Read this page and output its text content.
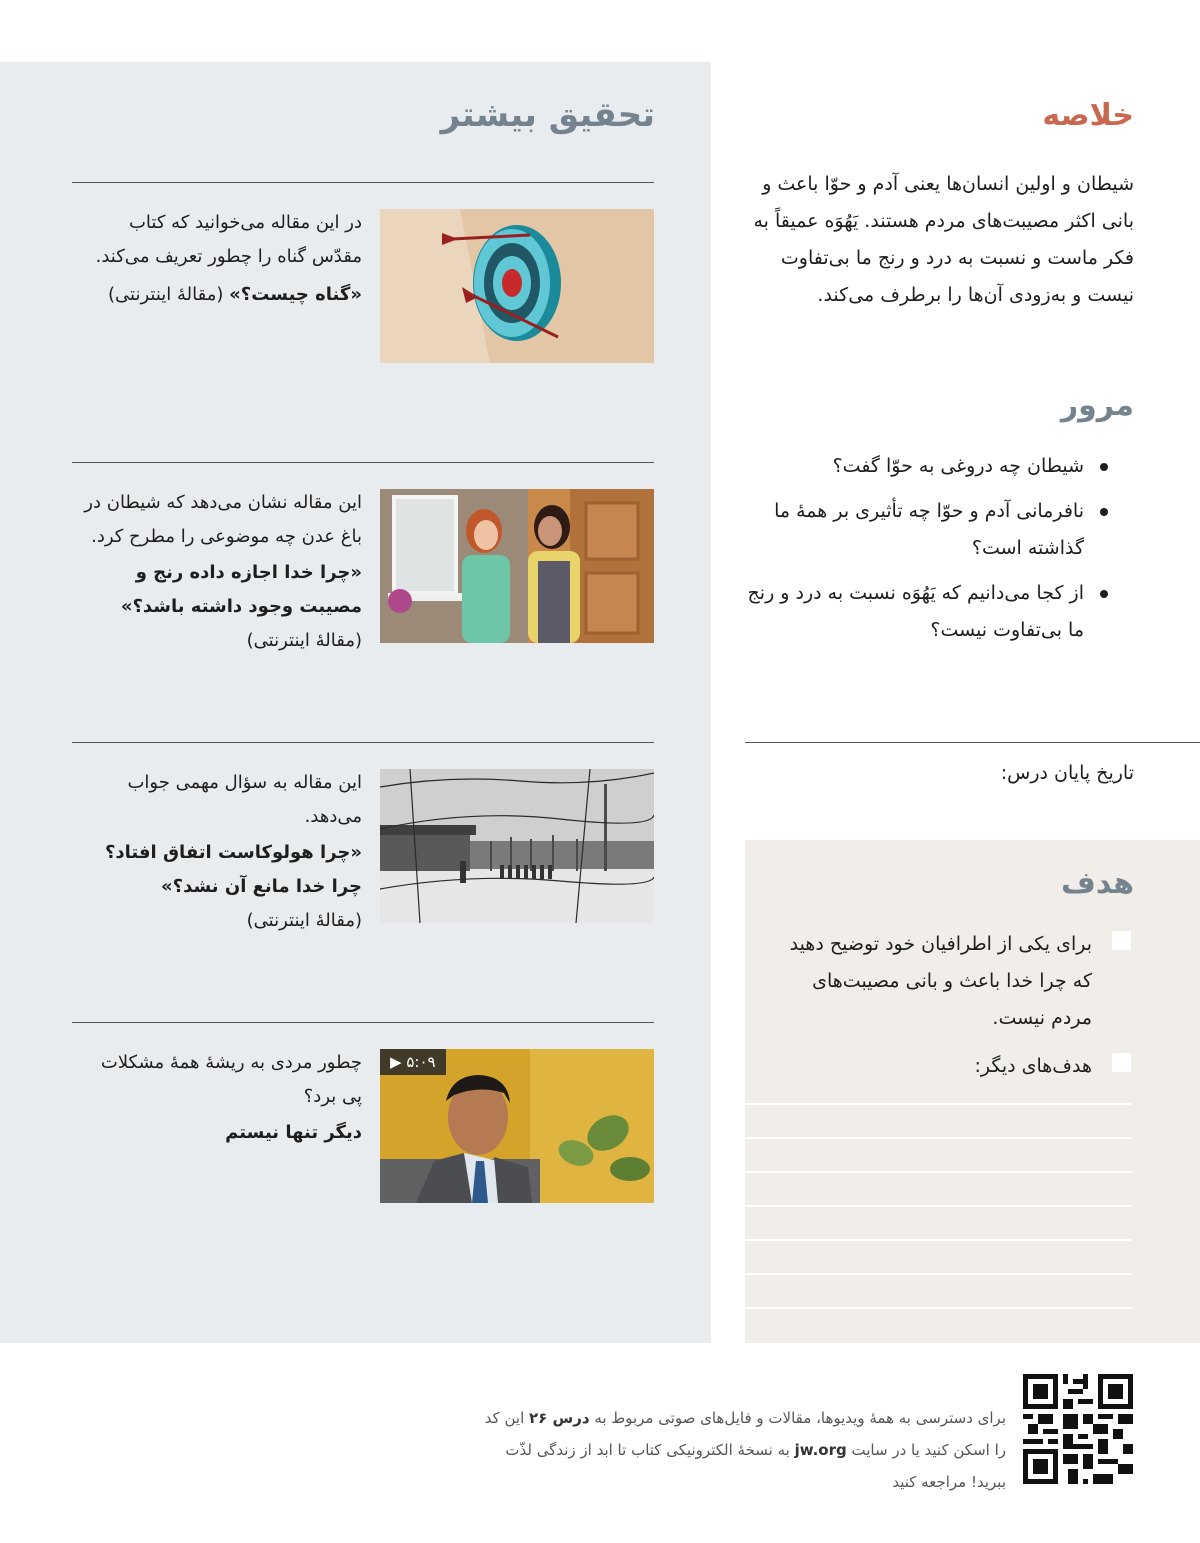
تحقیق بیشتر
در این مقاله می‌خوانید که کتاب مقدّس گناه را چطور تعریف می‌کند.
«گناه چیست؟» (مقالهٔ اینترنتی)
این مقاله نشان می‌دهد که شیطان در باغ عدن چه موضوعی را مطرح کرد.
«چرا خدا اجازه داده رنج و مصیبت وجود داشته باشد؟»
(مقالهٔ اینترنتی)
این مقاله به سؤال مهمی جواب می‌دهد.
«چرا هولوکاست اتفاق افتاد؟ چرا خدا مانع آن نشد؟»
(مقالهٔ اینترنتی)
▶ ۵:۰۹
چطور مردی به ریشهٔ همهٔ مشکلات پی برد؟
دیگر تنها نیستم
خلاصه
شیطان و اولین انسان‌ها یعنی آدم و حوّا باعث و بانی اکثر مصیبت‌های مردم هستند. یَهُوَه عمیقاً به فکر ماست و نسبت به درد و رنج ما بی‌تفاوت نیست و به‌زودی آن‌ها را برطرف می‌کند.
مرور
شیطان چه دروغی به حوّا گفت؟
نافرمانی آدم و حوّا چه تأثیری بر همهٔ ما گذاشته است؟
از کجا می‌دانیم که یَهُوَه نسبت به درد و رنج ما بی‌تفاوت نیست؟
تاریخ پایان درس:
هدف
برای یکی از اطرافیان خود توضیح دهید که چرا خدا باعث و بانی مصیبت‌های مردم نیست.
هدف‌های دیگر:
برای دسترسی به همهٔ ویدیوها، مقالات و فایل‌های صوتی مربوط به درس ۲۶ این کد را اسکن کنید یا در سایت jw.org به نسخهٔ الکترونیکی کتاب تا ابد از زندگی لذّت ببرید! مراجعه کنید
